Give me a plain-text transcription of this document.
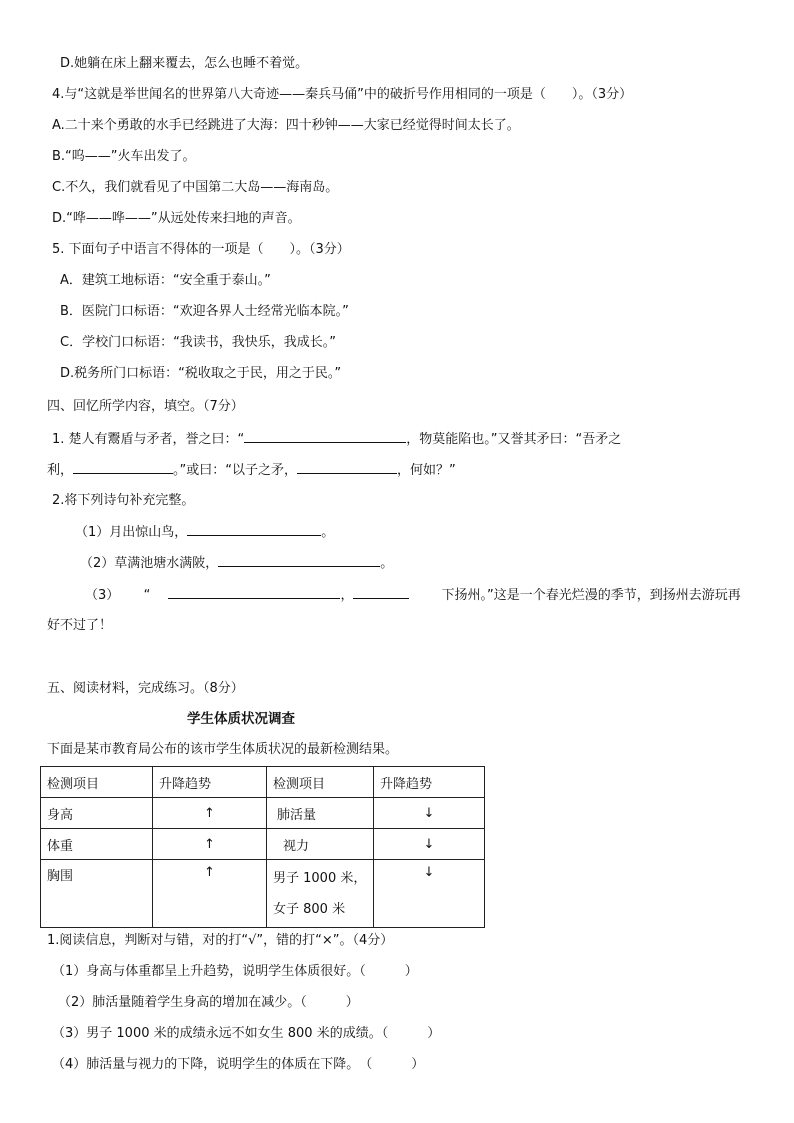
D.她躺在床上翻来覆去，怎么也睡不着觉。
4.与“这就是举世闻名的世界第八大奇迹——秦兵马俑”中的破折号作用相同的一项是（　　）。（3分）
A.二十来个勇敢的水手已经跳进了大海：四十秒钟——大家已经觉得时间太长了。
B.“呜——”火车出发了。
C.不久，我们就看见了中国第二大岛——海南岛。
D.“哗——哗——”从远处传来扫地的声音。
5. 下面句子中语言不得体的一项是（　　）。（3分）
A．建筑工地标语：“安全重于泰山。”
B．医院门口标语：“欢迎各界人士经常光临本院。”
C．学校门口标语：“我读书，我快乐，我成长。”
D.税务所门口标语：“税收取之于民，用之于民。”
四、回忆所学内容，填空。（7分）
1. 楚人有鬻盾与矛者，誉之曰：“	，物莫能陷也。”又誉其矛曰：“吾矛之
利，	。”或曰：“以子之矛，	，何如？”
2.将下列诗句补充完整。
（1）月出惊山鸟，	。
（2）草满池塘水满陂，	。
（3） “	，	下扬州。”这是一个春光烂漫的季节，到扬州去游玩再
好不过了！
五、阅读材料，完成练习。（8分）
学生体质状况调查
下面是某市教育局公布的该市学生体质状况的最新检测结果。
检测项目	升降趋势	检测项目	升降趋势
身高	↑	肺活量	↓
体重	↑	视力	↓
胸围	↑	男子 1000 米，
女子 800 米	↓
1.阅读信息，判断对与错，对的打“√”，错的打“×”。（4分）
（1）身高与体重都呈上升趋势，说明学生体质很好。（　　　）
（2）肺活量随着学生身高的增加在减少。（　　　）
（3）男子 1000 米的成绩永远不如女生 800 米的成绩。（　　　）
（4）肺活量与视力的下降，说明学生的体质在下降。　（　　　）
